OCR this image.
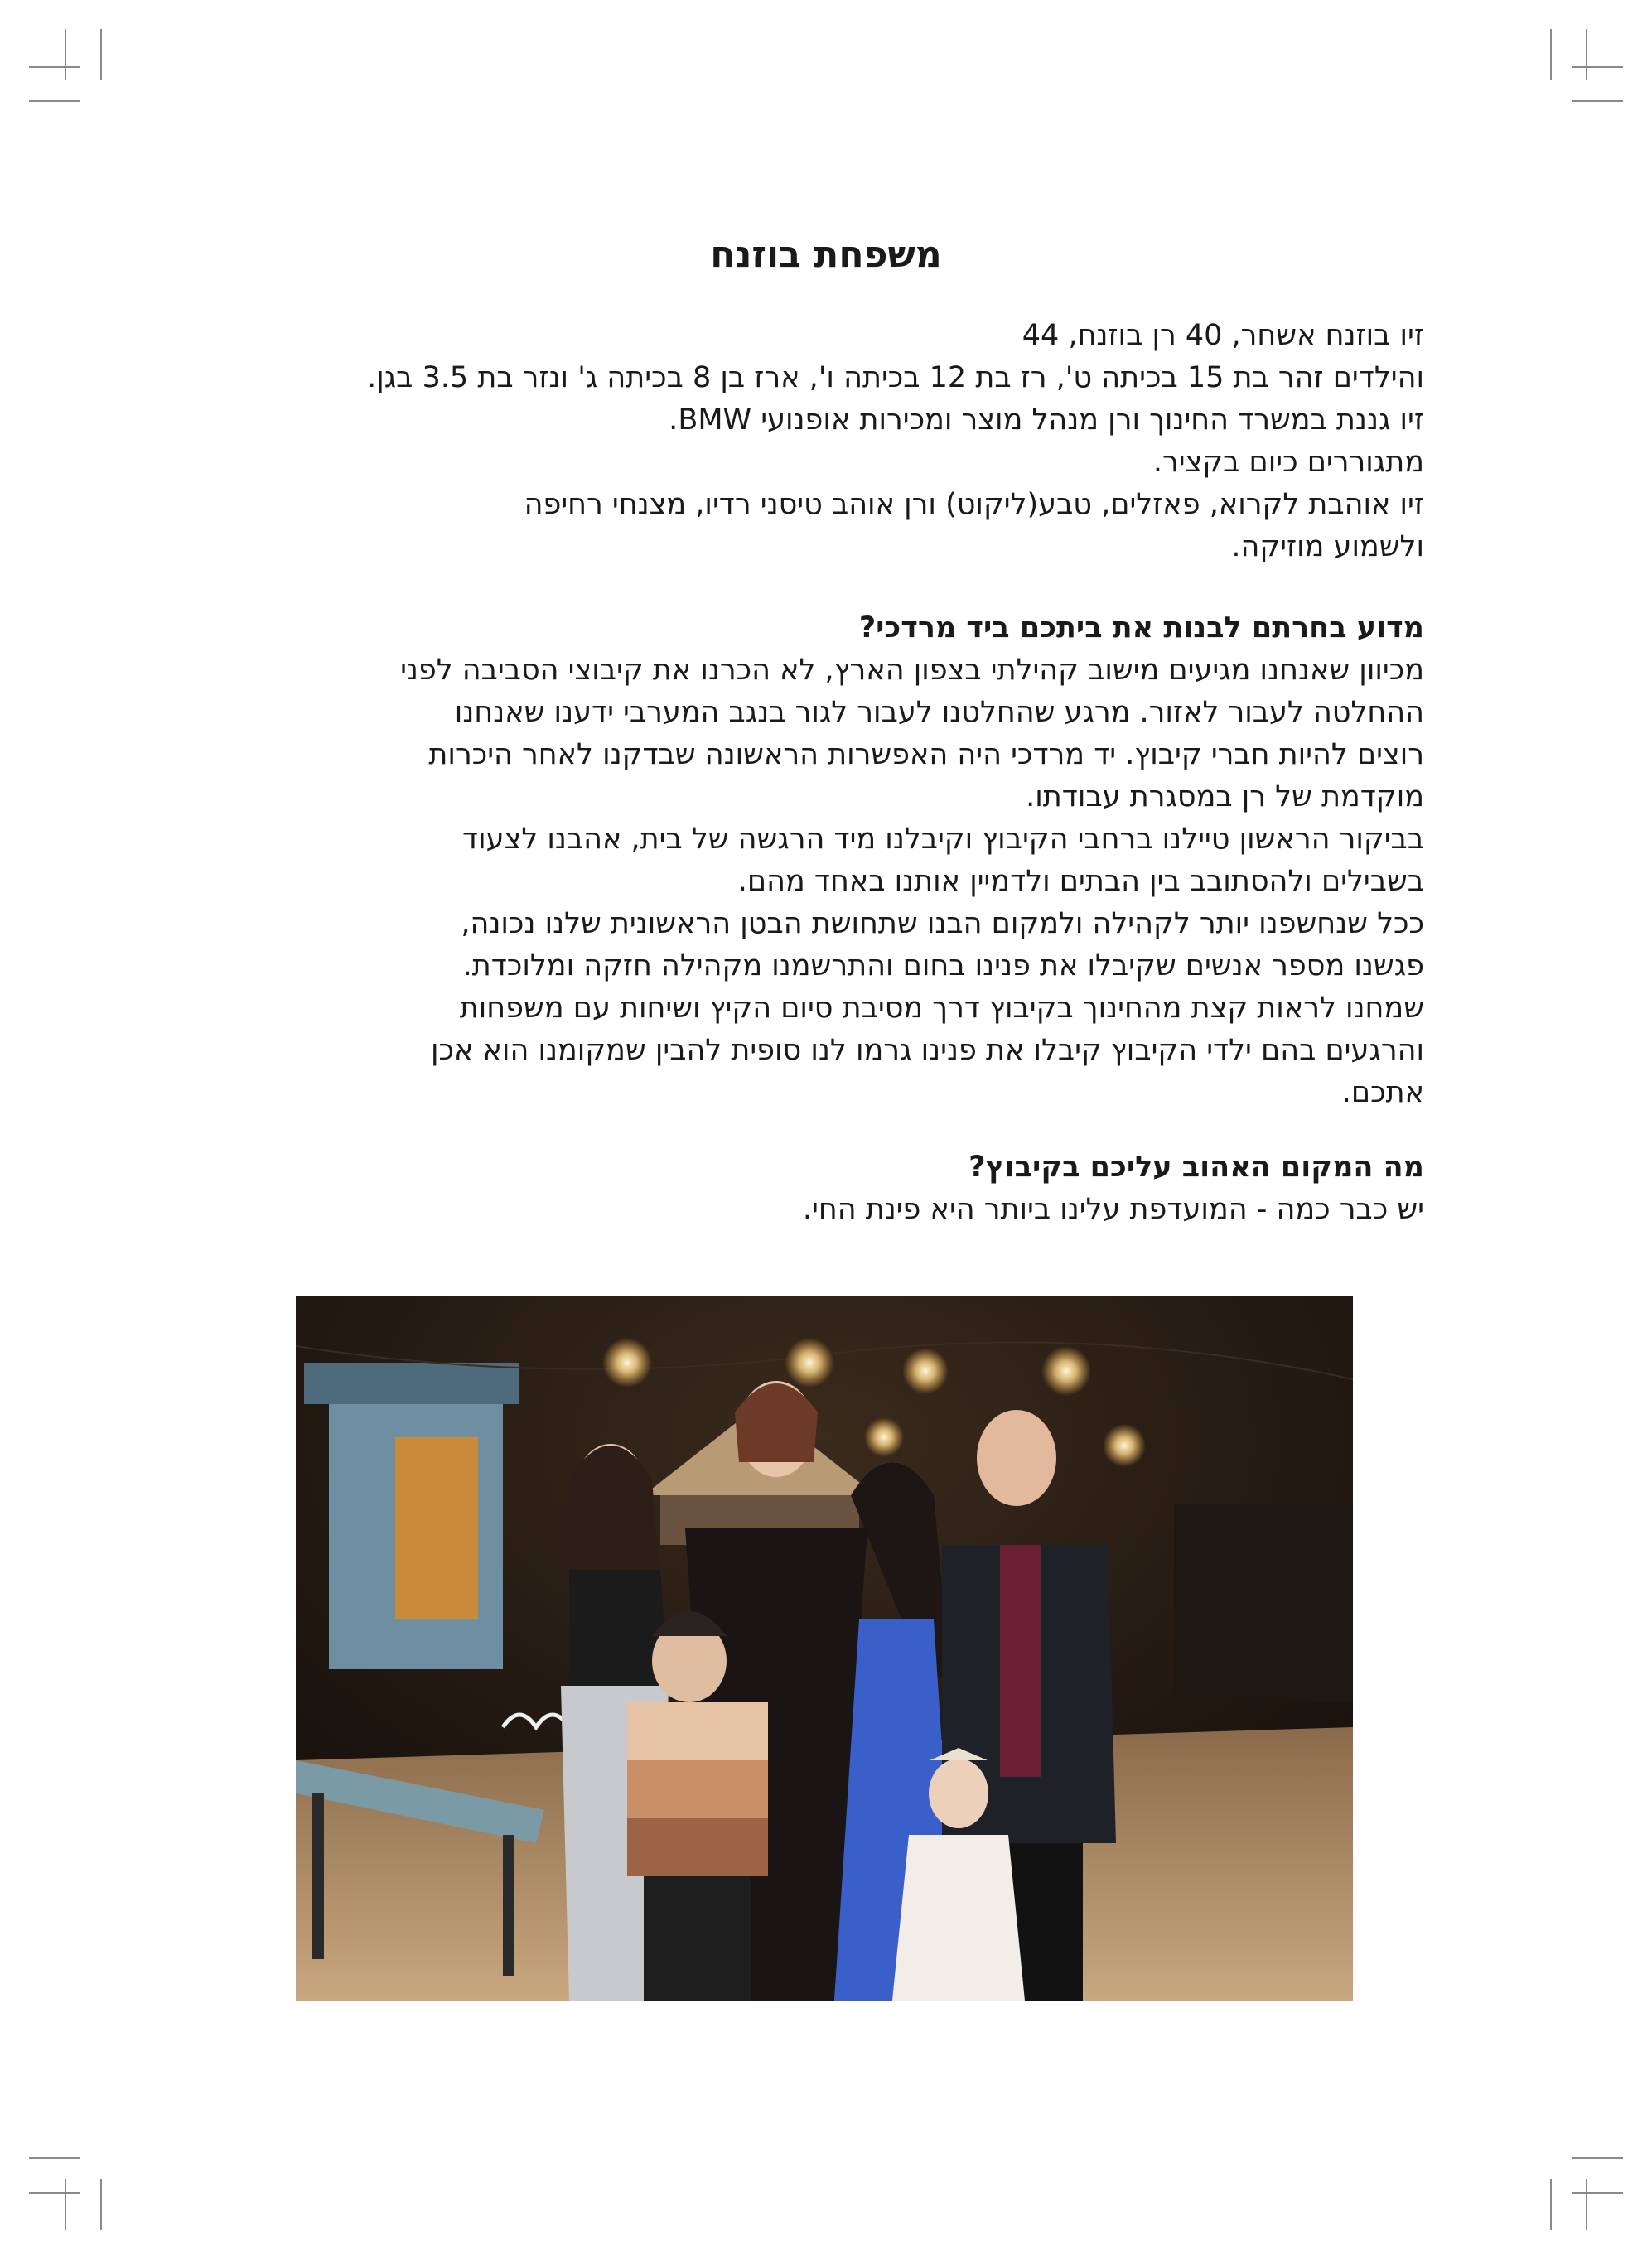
משפחת בוזנח
זיו בוזנח אשחר, 40 רן בוזנח, 44
והילדים זהר בת 15 בכיתה ט', רז בת 12 בכיתה ו', ארז בן 8 בכיתה ג' ונזר בת 3.5 בגן.
זיו גננת במשרד החינוך ורן מנהל מוצר ומכירות אופנועי BMW.
מתגוררים כיום בקציר.
זיו אוהבת לקרוא, פאזלים, טבע(ליקוט) ורן אוהב טיסני רדיו, מצנחי רחיפה
ולשמוע מוזיקה.
מדוע בחרתם לבנות את ביתכם ביד מרדכי?
מכיוון שאנחנו מגיעים מישוב קהילתי בצפון הארץ, לא הכרנו את קיבוצי הסביבה לפני
ההחלטה לעבור לאזור. מרגע שהחלטנו לעבור לגור בנגב המערבי ידענו שאנחנו
רוצים להיות חברי קיבוץ. יד מרדכי היה האפשרות הראשונה שבדקנו לאחר היכרות
מוקדמת של רן במסגרת עבודתו.
בביקור הראשון טיילנו ברחבי הקיבוץ וקיבלנו מיד הרגשה של בית, אהבנו לצעוד
בשבילים ולהסתובב בין הבתים ולדמיין אותנו באחד מהם.
ככל שנחשפנו יותר לקהילה ולמקום הבנו שתחושת הבטן הראשונית שלנו נכונה,
פגשנו מספר אנשים שקיבלו את פנינו בחום והתרשמנו מקהילה חזקה ומלוכדת.
שמחנו לראות קצת מהחינוך בקיבוץ דרך מסיבת סיום הקיץ ושיחות עם משפחות
והרגעים בהם ילדי הקיבוץ קיבלו את פנינו גרמו לנו סופית להבין שמקומנו הוא אכן
אתכם.
מה המקום האהוב עליכם בקיבוץ?
יש כבר כמה - המועדפת עלינו ביותר היא פינת החי.
